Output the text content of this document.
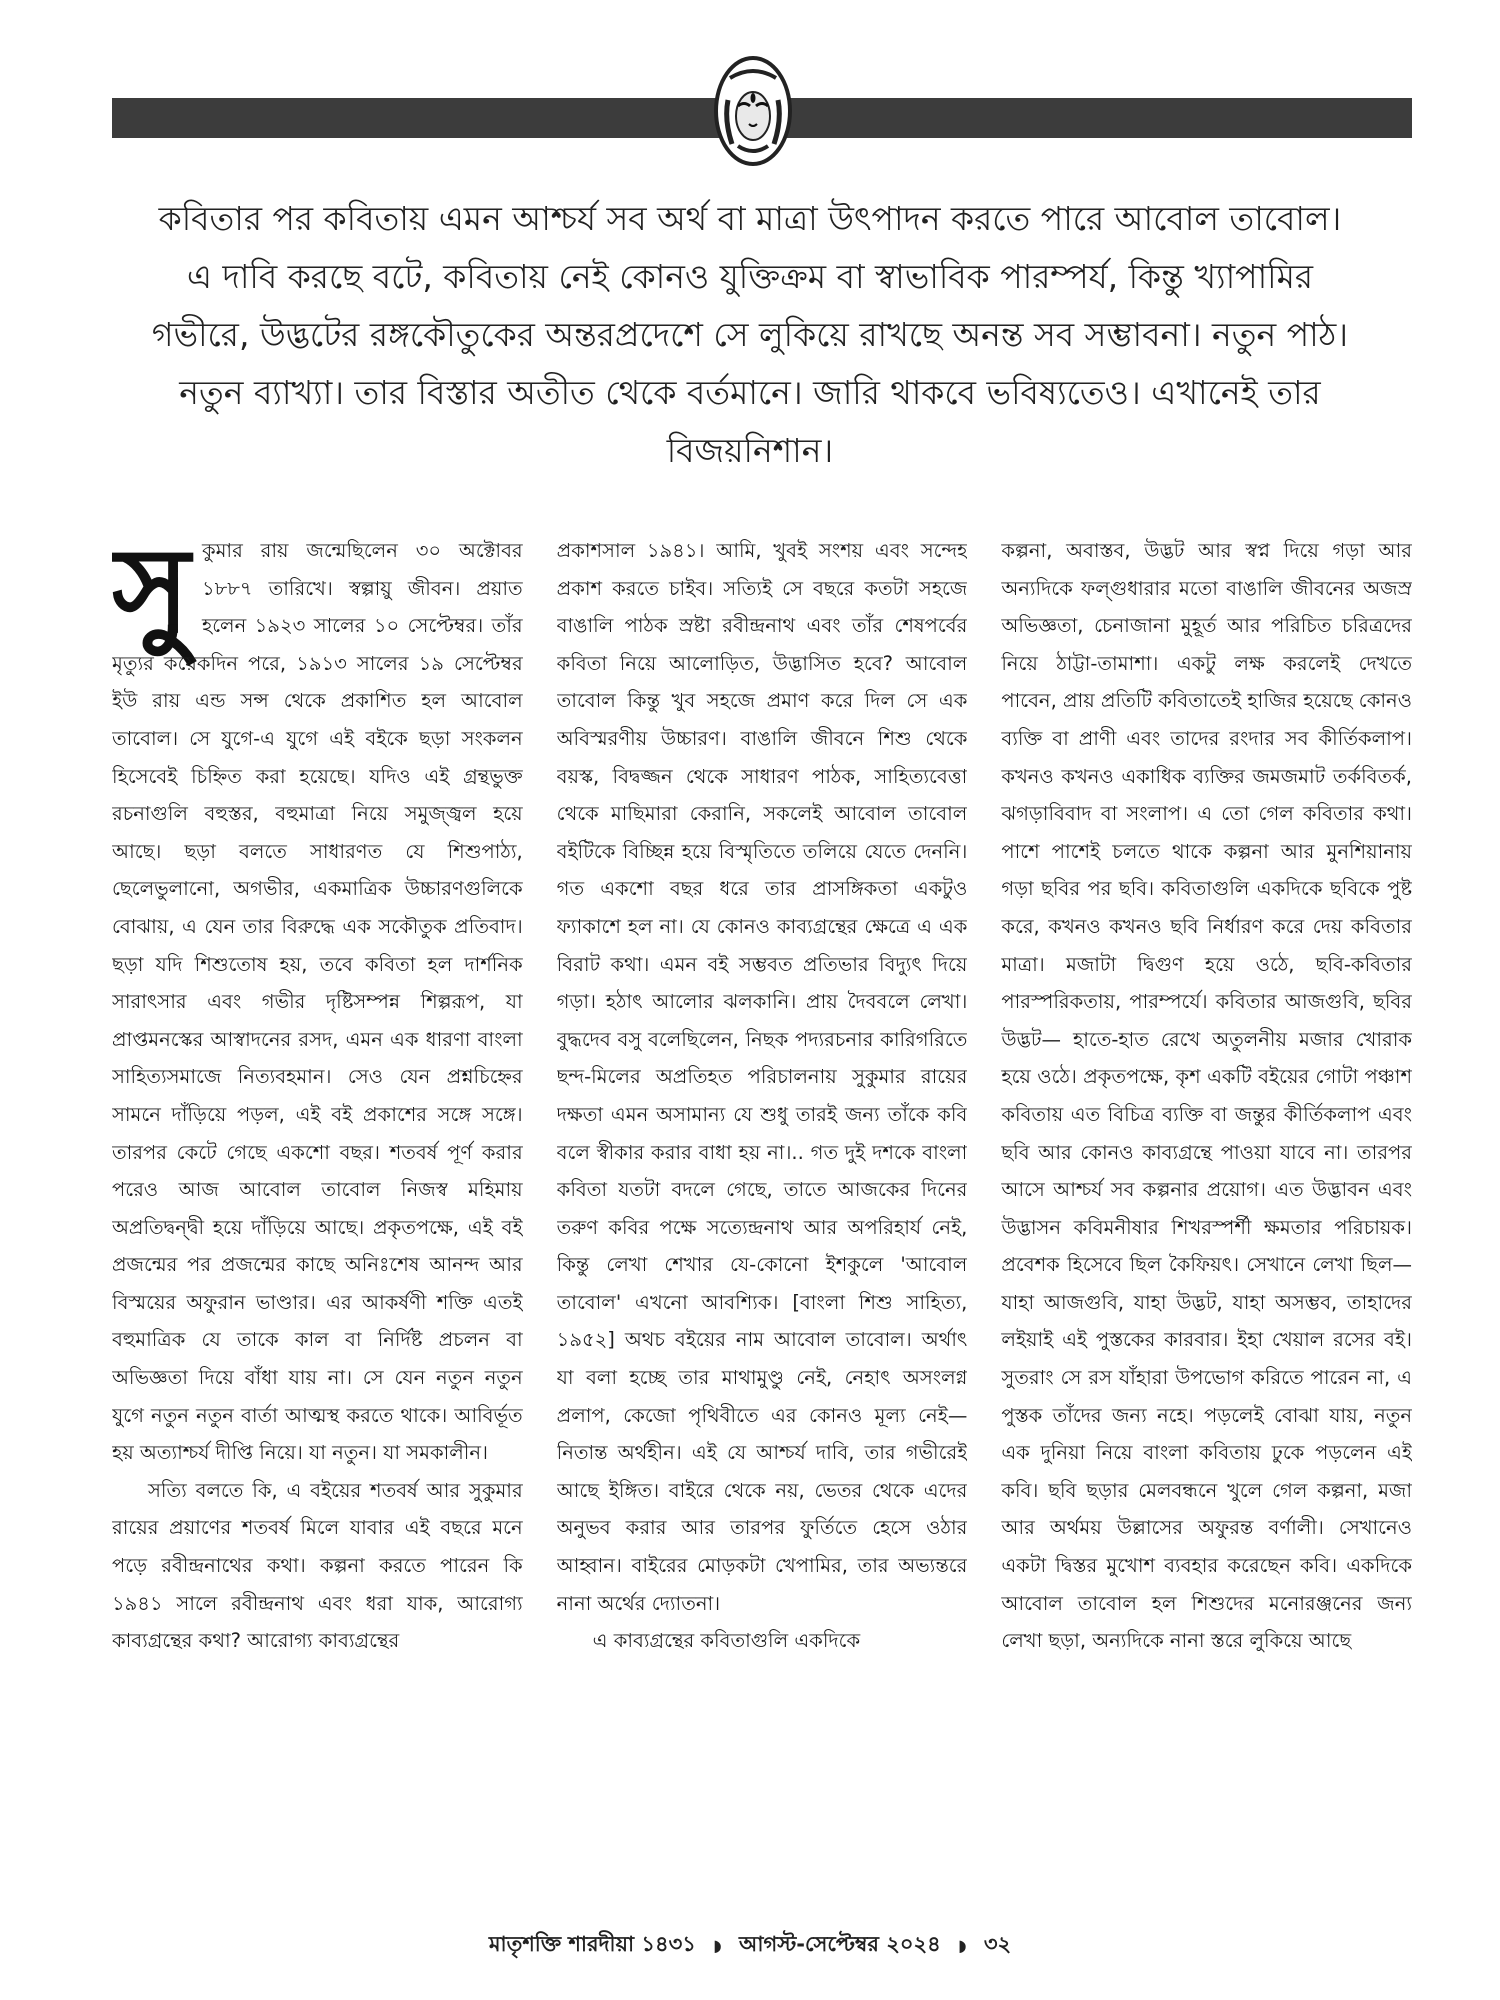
কবিতার পর কবিতায় এমন আশ্চর্য সব অর্থ বা মাত্রা উৎপাদন করতে পারে আবোল তাবোল। এ দাবি করছে বটে, কবিতায় নেই কোনও যুক্তিক্রম বা স্বাভাবিক পারম্পর্য, কিন্তু খ্যাপামির গভীরে, উদ্ভটের রঙ্গকৌতুকের অন্তরপ্রদেশে সে লুকিয়ে রাখছে অনন্ত সব সম্ভাবনা। নতুন পাঠ। নতুন ব্যাখ্যা। তার বিস্তার অতীত থেকে বর্তমানে। জারি থাকবে ভবিষ্যতেও। এখানেই তার বিজয়নিশান।

সুকুমার রায় জন্মেছিলেন ৩০ অক্টোবর ১৮৮৭ তারিখে। স্বল্পায়ু জীবন। প্রয়াত হলেন ১৯২৩ সালের ১০ সেপ্টেম্বর। তাঁর মৃত্যুর কয়েকদিন পরে, ১৯১৩ সালের ১৯ সেপ্টেম্বর ইউ রায় এন্ড সন্স থেকে প্রকাশিত হল আবোল তাবোল। সে যুগে-এ যুগে এই বইকে ছড়া সংকলন হিসেবেই চিহ্নিত করা হয়েছে। যদিও এই গ্রন্থভুক্ত রচনাগুলি বহুস্তর, বহুমাত্রা নিয়ে সমুজ্জ্বল হয়ে আছে। ছড়া বলতে সাধারণত যে শিশুপাঠ্য, ছেলেভুলানো, অগভীর, একমাত্রিক উচ্চারণগুলিকে বোঝায়, এ যেন তার বিরুদ্ধে এক সকৌতুক প্রতিবাদ। ছড়া যদি শিশুতোষ হয়, তবে কবিতা হল দার্শনিক সারাৎসার এবং গভীর দৃষ্টিসম্পন্ন শিল্পরূপ, যা প্রাপ্তমনস্কের আস্বাদনের রসদ, এমন এক ধারণা বাংলা সাহিত্যসমাজে নিত্যবহমান। সেও যেন প্রশ্নচিহ্নের সামনে দাঁড়িয়ে পড়ল, এই বই প্রকাশের সঙ্গে সঙ্গে। তারপর কেটে গেছে একশো বছর। শতবর্ষ পূর্ণ করার পরেও আজ আবোল তাবোল নিজস্ব মহিমায় অপ্রতিদ্বন্দ্বী হয়ে দাঁড়িয়ে আছে। প্রকৃতপক্ষে, এই বই প্রজন্মের পর প্রজন্মের কাছে অনিঃশেষ আনন্দ আর বিস্ময়ের অফুরান ভাণ্ডার। এর আকর্ষণী শক্তি এতই বহুমাত্রিক যে তাকে কাল বা নির্দিষ্ট প্রচলন বা অভিজ্ঞতা দিয়ে বাঁধা যায় না। সে যেন নতুন নতুন যুগে নতুন নতুন বার্তা আত্মস্থ করতে থাকে। আবির্ভূত হয় অত্যাশ্চর্য দীপ্তি নিয়ে। যা নতুন। যা সমকালীন।

সত্যি বলতে কি, এ বইয়ের শতবর্ষ আর সুকুমার রায়ের প্রয়াণের শতবর্ষ মিলে যাবার এই বছরে মনে পড়ে রবীন্দ্রনাথের কথা। কল্পনা করতে পারেন কি ১৯৪১ সালে রবীন্দ্রনাথ এবং ধরা যাক, আরোগ্য কাব্যগ্রন্থের কথা? আরোগ্য কাব্যগ্রন্থের

প্রকাশসাল ১৯৪১। আমি, খুবই সংশয় এবং সন্দেহ প্রকাশ করতে চাইব। সত্যিই সে বছরে কতটা সহজে বাঙালি পাঠক স্রষ্টা রবীন্দ্রনাথ এবং তাঁর শেষপর্বের কবিতা নিয়ে আলোড়িত, উদ্ভাসিত হবে? আবোল তাবোল কিন্তু খুব সহজে প্রমাণ করে দিল সে এক অবিস্মরণীয় উচ্চারণ। বাঙালি জীবনে শিশু থেকে বয়স্ক, বিদ্বজ্জন থেকে সাধারণ পাঠক, সাহিত্যবেত্তা থেকে মাছিমারা কেরানি, সকলেই আবোল তাবোল বইটিকে বিচ্ছিন্ন হয়ে বিস্মৃতিতে তলিয়ে যেতে দেননি। গত একশো বছর ধরে তার প্রাসঙ্গিকতা একটুও ফ্যাকাশে হল না। যে কোনও কাব্যগ্রন্থের ক্ষেত্রে এ এক বিরাট কথা। এমন বই সম্ভবত প্রতিভার বিদ্যুৎ দিয়ে গড়া। হঠাৎ আলোর ঝলকানি। প্রায় দৈববলে লেখা। বুদ্ধদেব বসু বলেছিলেন, নিছক পদ্যরচনার কারিগরিতে ছন্দ-মিলের অপ্রতিহত পরিচালনায় সুকুমার রায়ের দক্ষতা এমন অসামান্য যে শুধু তারই জন্য তাঁকে কবি বলে স্বীকার করার বাধা হয় না।.. গত দুই দশকে বাংলা কবিতা যতটা বদলে গেছে, তাতে আজকের দিনের তরুণ কবির পক্ষে সত্যেন্দ্রনাথ আর অপরিহার্য নেই, কিন্তু লেখা শেখার যে-কোনো ইশকুলে 'আবোল তাবোল' এখনো আবশ্যিক। [বাংলা শিশু সাহিত্য, ১৯৫২] অথচ বইয়ের নাম আবোল তাবোল। অর্থাৎ যা বলা হচ্ছে তার মাথামুণ্ডু নেই, নেহাৎ অসংলগ্ন প্রলাপ, কেজো পৃথিবীতে এর কোনও মূল্য নেই— নিতান্ত অর্থহীন। এই যে আশ্চর্য দাবি, তার গভীরেই আছে ইঙ্গিত। বাইরে থেকে নয়, ভেতর থেকে এদের অনুভব করার আর তারপর ফুর্তিতে হেসে ওঠার আহ্বান। বাইরের মোড়কটা খেপামির, তার অভ্যন্তরে নানা অর্থের দ্যোতনা।

এ কাব্যগ্রন্থের কবিতাগুলি একদিকে

কল্পনা, অবাস্তব, উদ্ভট আর স্বপ্ন দিয়ে গড়া আর অন্যদিকে ফল্গুধারার মতো বাঙালি জীবনের অজস্র অভিজ্ঞতা, চেনাজানা মুহূর্ত আর পরিচিত চরিত্রদের নিয়ে ঠাট্টা-তামাশা। একটু লক্ষ করলেই দেখতে পাবেন, প্রায় প্রতিটি কবিতাতেই হাজির হয়েছে কোনও ব্যক্তি বা প্রাণী এবং তাদের রংদার সব কীর্তিকলাপ। কখনও কখনও একাধিক ব্যক্তির জমজমাট তর্কবিতর্ক, ঝগড়াবিবাদ বা সংলাপ। এ তো গেল কবিতার কথা। পাশে পাশেই চলতে থাকে কল্পনা আর মুনশিয়ানায় গড়া ছবির পর ছবি। কবিতাগুলি একদিকে ছবিকে পুষ্ট করে, কখনও কখনও ছবি নির্ধারণ করে দেয় কবিতার মাত্রা। মজাটা দ্বিগুণ হয়ে ওঠে, ছবি-কবিতার পারস্পরিকতায়, পারম্পর্যে। কবিতার আজগুবি, ছবির উদ্ভট— হাতে-হাত রেখে অতুলনীয় মজার খোরাক হয়ে ওঠে। প্রকৃতপক্ষে, কৃশ একটি বইয়ের গোটা পঞ্চাশ কবিতায় এত বিচিত্র ব্যক্তি বা জন্তুর কীর্তিকলাপ এবং ছবি আর কোনও কাব্যগ্রন্থে পাওয়া যাবে না। তারপর আসে আশ্চর্য সব কল্পনার প্রয়োগ। এত উদ্ভাবন এবং উদ্ভাসন কবিমনীষার শিখরস্পর্শী ক্ষমতার পরিচায়ক। প্রবেশক হিসেবে ছিল কৈফিয়ৎ। সেখানে লেখা ছিল— যাহা আজগুবি, যাহা উদ্ভট, যাহা অসম্ভব, তাহাদের লইয়াই এই পুস্তকের কারবার। ইহা খেয়াল রসের বই। সুতরাং সে রস যাঁহারা উপভোগ করিতে পারেন না, এ পুস্তক তাঁদের জন্য নহে। পড়লেই বোঝা যায়, নতুন এক দুনিয়া নিয়ে বাংলা কবিতায় ঢুকে পড়লেন এই কবি। ছবি ছড়ার মেলবন্ধনে খুলে গেল কল্পনা, মজা আর অর্থময় উল্লাসের অফুরন্ত বর্ণালী। সেখানেও একটা দ্বিস্তর মুখোশ ব্যবহার করেছেন কবি। একদিকে আবোল তাবোল হল শিশুদের মনোরঞ্জনের জন্য লেখা ছড়া, অন্যদিকে নানা স্তরে লুকিয়ে আছে

মাতৃশক্তি শারদীয়া ১৪৩১ ◗ আগস্ট-সেপ্টেম্বর ২০২৪ ◗ ৩২
